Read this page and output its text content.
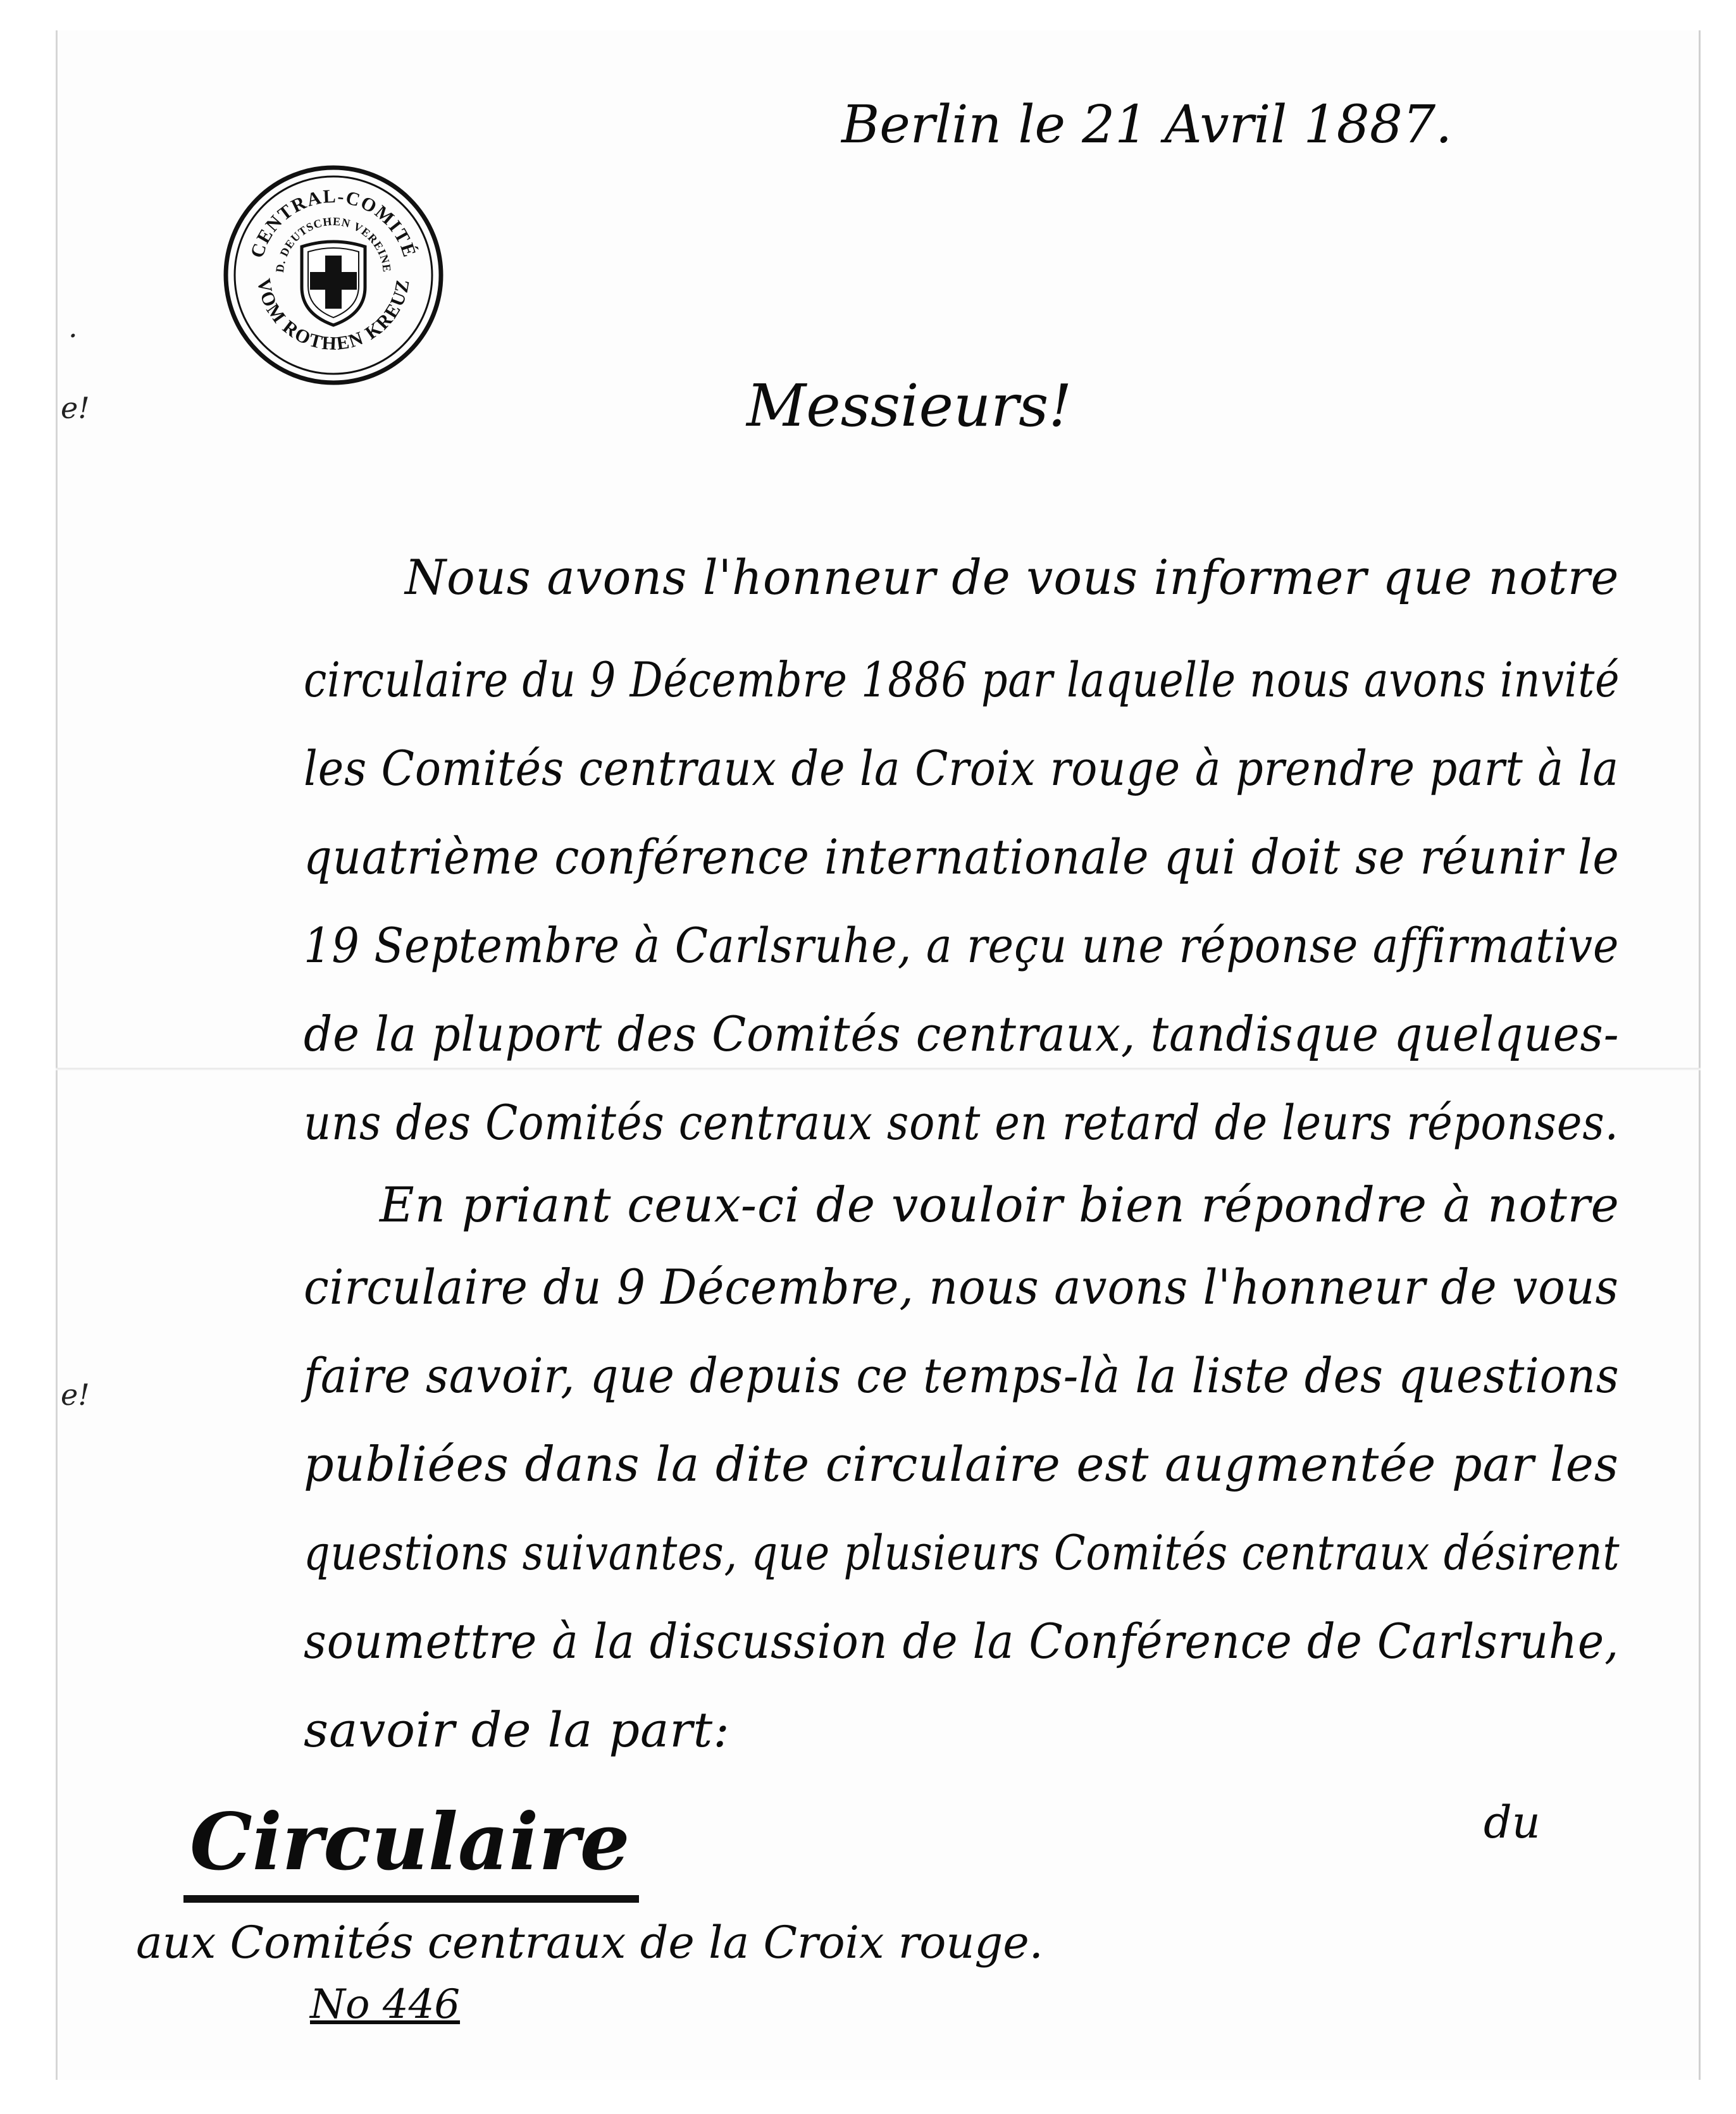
.
e!
e!
CENTRAL-COMITÉ
D. DEUTSCHEN VEREINE
VOM ROTHEN KREUZ
Berlin le 21 Avril 1887.
Messieurs!
Nous avons l'honneur de vous informer que notre
circulaire du 9 Décembre 1886 par laquelle nous avons invité
les Comités centraux de la Croix rouge à prendre part à la
quatrième conférence internationale qui doit se réunir le
19 Septembre à Carlsruhe, a reçu une réponse affirmative
de la pluport des Comités centraux, tandisque quelques-
uns des Comités centraux sont en retard de leurs réponses.
En priant ceux-ci de vouloir bien répondre à notre
circulaire du 9 Décembre, nous avons l'honneur de vous
faire savoir, que depuis ce temps-là la liste des questions
publiées dans la dite circulaire est augmentée par les
questions suivantes, que plusieurs Comités centraux désirent
soumettre à la discussion de la Conférence de Carlsruhe,
savoir de la part:
du
Circulaire
aux Comités centraux de la Croix rouge.
No 446
